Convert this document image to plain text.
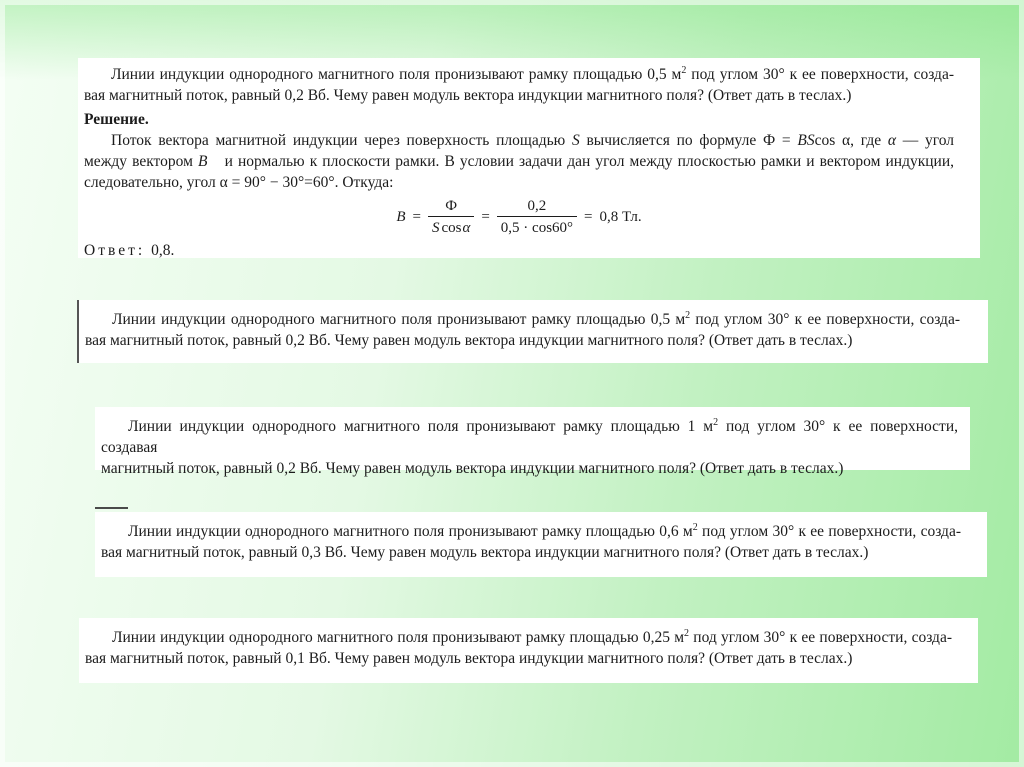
Линии индукции однородного магнитного поля пронизывают рамку площадью 0,5 $м^2$ под углом 30° к ее поверхности, созда-
вая магнитный поток, равный 0,2 Вб. Чему равен модуль вектора индукции магнитного поля? (Ответ дать в теслах.)
Решение.
Поток вектора магнитной индукции через поверхность площадью S вычисляется по формуле Ф = BScos α, где α — угол
между вектором B⃗ и нормалью к плоскости рамки. В условии задачи дан угол между плоскостью рамки и вектором индукции,
следовательно, угол α = 90° − 30°=60°. Откуда:
$B = \frac{Ф}{\text{S cosα}} = \frac{0,2}{0,5 \cdot \cos 60^\circ} = 0,8$ Тл.
Ответ: 0,8.
Линии индукции однородного магнитного поля пронизывают рамку площадью 0,5 $м^2$ под углом 30° к ее поверхности, созда-
вая магнитный поток, равный 0,2 Вб. Чему равен модуль вектора индукции магнитного поля? (Ответ дать в теслах.)
Линии индукции однородного магнитного поля пронизывают рамку площадью 1 $м^2$ под углом 30° к ее поверхности, создавая
магнитный поток, равный 0,2 Вб. Чему равен модуль вектора индукции магнитного поля? (Ответ дать в теслах.)
Линии индукции однородного магнитного поля пронизывают рамку площадью 0,6 $м^2$ под углом 30° к ее поверхности, созда-
вая магнитный поток, равный 0,3 Вб. Чему равен модуль вектора индукции магнитного поля? (Ответ дать в теслах.)
Линии индукции однородного магнитного поля пронизывают рамку площадью 0,25 $м^2$ под углом 30° к ее поверхности, созда-
вая магнитный поток, равный 0,1 Вб. Чему равен модуль вектора индукции магнитного поля? (Ответ дать в теслах.)
